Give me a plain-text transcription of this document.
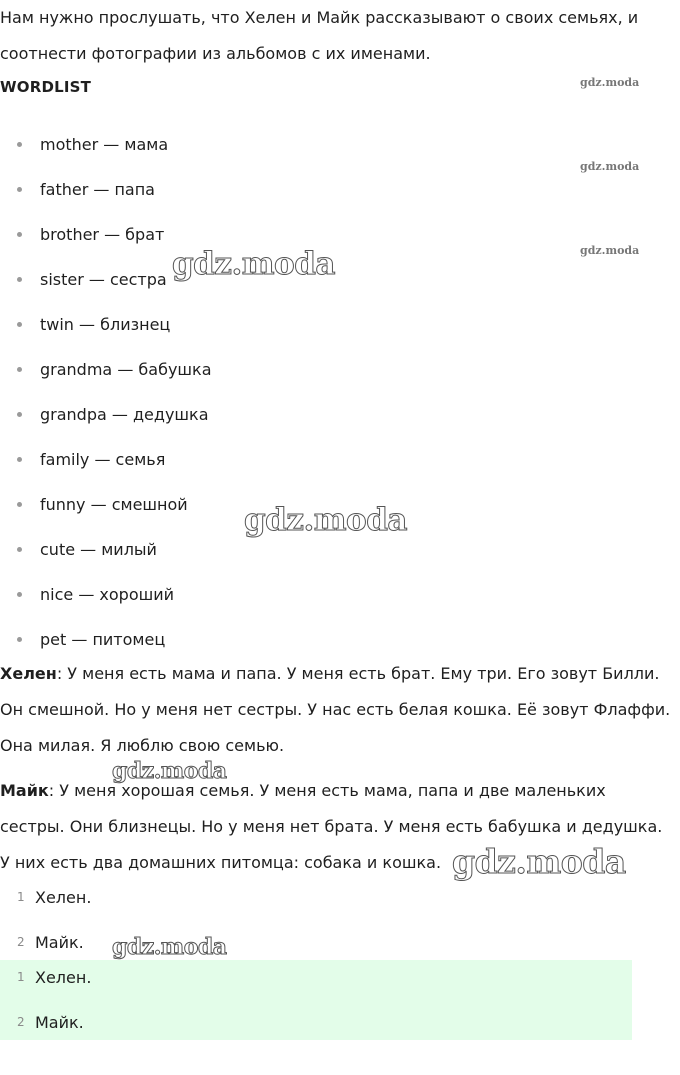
Нам нужно прослушать, что Хелен и Майк рассказывают о своих семьях, и соотнести фотографии из альбомов с их именами.

WORDLIST

mother — мама
father — папа
brother — брат
sister — сестра
twin — близнец
grandma — бабушка
grandpa — дедушка
family — семья
funny — смешной
cute — милый
nice — хороший
pet — питомец

Хелен: У меня есть мама и папа. У меня есть брат. Ему три. Его зовут Билли. Он смешной. Но у меня нет сестры. У нас есть белая кошка. Её зовут Флаффи. Она милая. Я люблю свою семью.

Майк: У меня хорошая семья. У меня есть мама, папа и две маленьких сестры. Они близнецы. Но у меня нет брата. У меня есть бабушка и дедушка. У них есть два домашних питомца: собака и кошка.

1 Хелен.
2 Майк.
1 Хелен.
2 Майк.
gdz.moda
gdz.moda
gdz.moda
gdz.moda
gdz.moda
gdz.moda
gdz.moda
gdz.moda
